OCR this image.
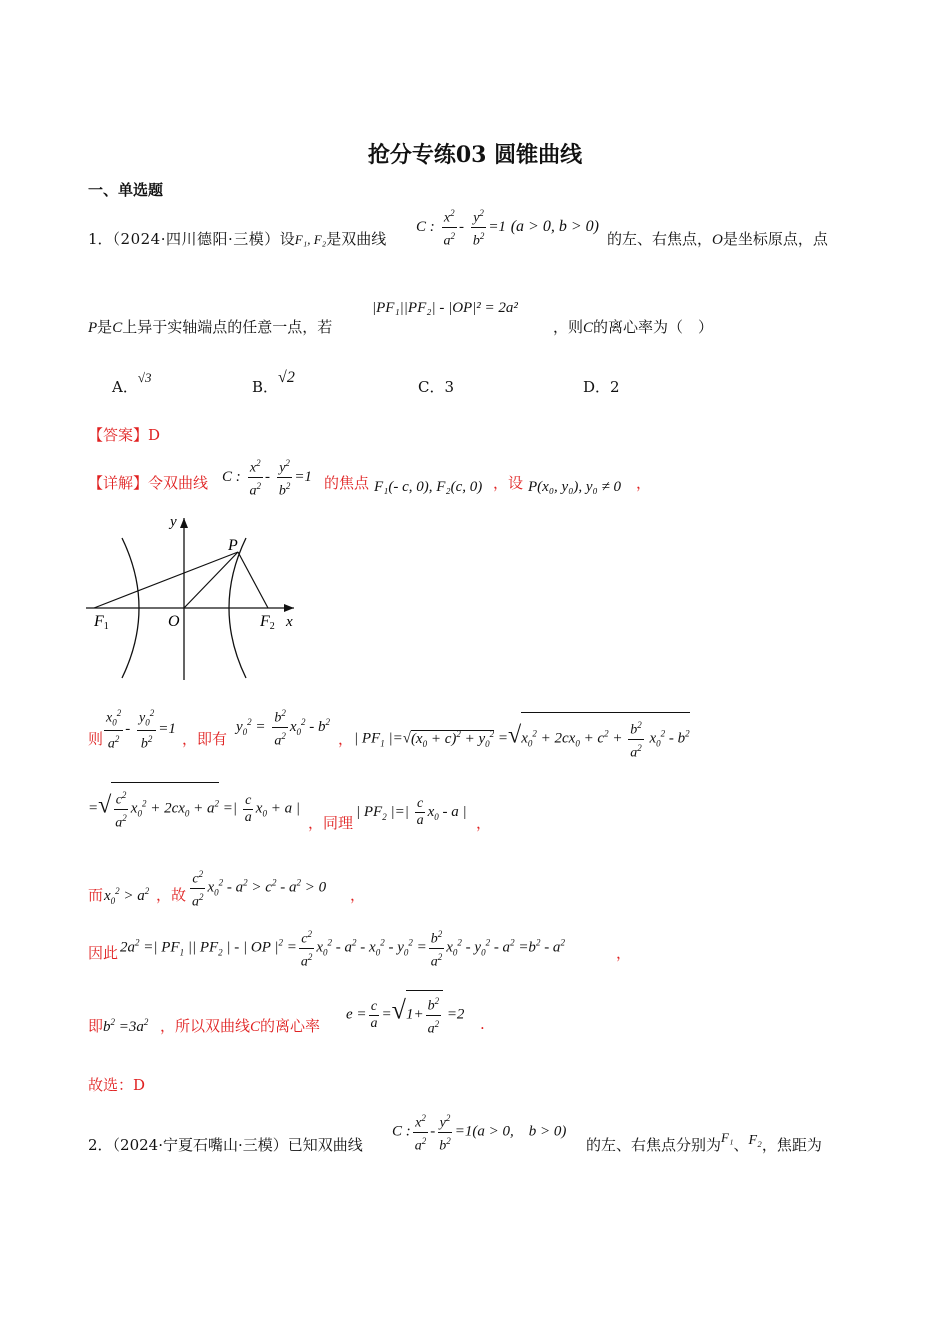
抢分专练03 圆锥曲线
一、单选题
1．（2024·四川德阳·三模）设F₁, F₂是双曲线
C : $\frac{x^2}{a^2} - \frac{y^2}{b^2} =1$ (a > 0, b > 0)
的左、右焦点，O是坐标原点，点
P是C上异于实轴端点的任意一点，若
|PF₁||PF₂| - |OP|² = 2a²
，则C的离心率为（　）
A．√3
B．√2
C．3	D．2
【答案】D
【详解】令双曲线 C : $\frac{x^2}{a^2} - \frac{y^2}{b^2} =1$ 的焦点 F₁(- c, 0), F₂(c, 0) ，设 P(x₀, y₀), y₀ ≠ 0 ，
y
x
P
O
F1	F2
则 $\frac{x_0^2}{a^2} - \frac{y_0^2}{b^2} =1$
，即有
$y_0^2 = \frac{b^2}{a^2} x_0^2 - b^2$
， | $PF_1$ $|=√(x_0 + c)^2 + y_0^2 =√x_0^2 + 2cx_0 + c^2 + \frac{b^2}{a^2} x_0^2 - b^2$
=√ $\frac{c^2}{a^2} x_0^2 + 2cx_0 + a^2$ =| $\frac{c}{a} x_0 + a$ |
，同理
| $PF_2$ |=| $\frac{c}{a} x_0$ - a |
，
而 $x_0^2 > a^2$ ，故 $\frac{c^2}{a^2} x_0^2 - a^2 > c^2 - a^2 > 0$ ，
因此 $2a^2$ =| $PF_1$ || $PF_2$ | - | OP $|^2 = \frac{c^2}{a^2} x_0^2 - a^2 - x_0^2 - y_0^2 = \frac{b^2}{a^2} x_0^2 - y_0^2 - a^2 =b^2 - a^2$
，
即 $b^2 =3a^2$ ，所以双曲线C的离心率
$e = \frac{c}{a} =√1+ \frac{b^2}{a^2} =2$
.
故选：D
2．（2024·宁夏石嘴山·三模）已知双曲线
C : $\frac{x^2}{a^2} - \frac{y^2}{b^2} =1(a > 0$,　b > 0)
的左、右焦点分别为F₁、F₂，焦距为
